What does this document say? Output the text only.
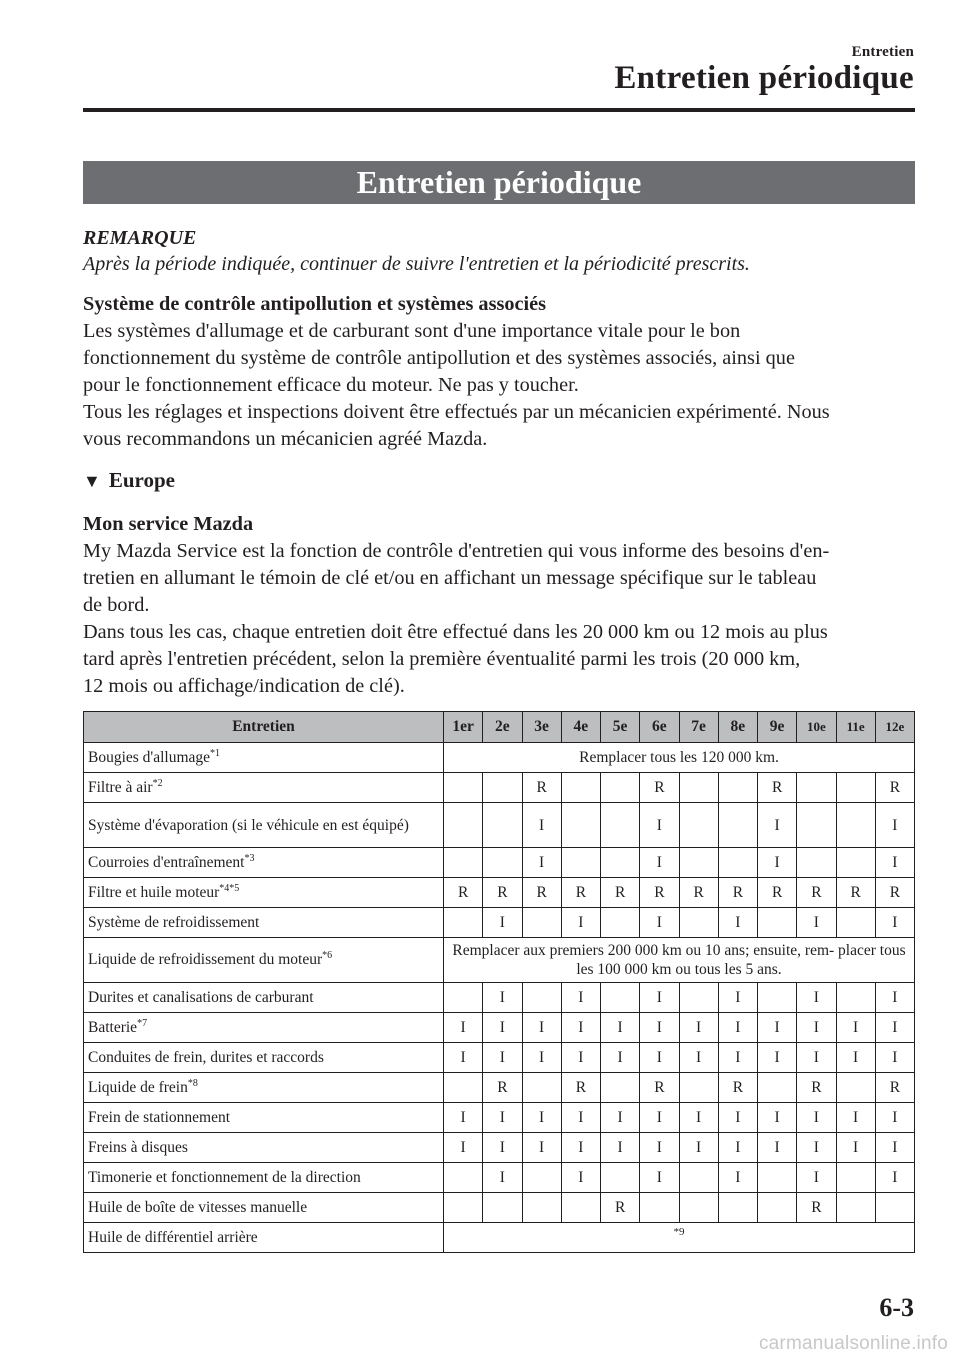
Entretien
Entretien périodique
Entretien périodique
REMARQUE
Après la période indiquée, continuer de suivre l'entretien et la périodicité prescrits.
Système de contrôle antipollution et systèmes associés
Les systèmes d'allumage et de carburant sont d'une importance vitale pour le bon
fonctionnement du système de contrôle antipollution et des systèmes associés, ainsi que
pour le fonctionnement efficace du moteur. Ne pas y toucher.
Tous les réglages et inspections doivent être effectués par un mécanicien expérimenté. Nous
vous recommandons un mécanicien agréé Mazda.
▼ Europe
Mon service Mazda
My Mazda Service est la fonction de contrôle d'entretien qui vous informe des besoins d'en-
tretien en allumant le témoin de clé et/ou en affichant un message spécifique sur le tableau
de bord.
Dans tous les cas, chaque entretien doit être effectué dans les 20 000 km ou 12 mois au plus
tard après l'entretien précédent, selon la première éventualité parmi les trois (20 000 km,
12 mois ou affichage/indication de clé).
Entretien	1er	2e	3e	4e	5e	6e	7e	8e	9e	10e	11e	12e
Bougies d'allumage$^{*1}$	Remplacer tous les 120 000 km.											
Filtre à air$^{*2}$			R			R			R			R
Système d'évaporation (si le véhicule en est équipé)			I			I			I			I
Courroies d'entraînement$^{*3}$			I			I			I			I
Filtre et huile moteur$^{*4*5}$	R	R	R	R	R	R	R	R	R	R	R	R
Système de refroidissement		I		I		I		I		I		I
Liquide de refroidissement du moteur$^{*6}$	Remplacer aux premiers 200 000 km ou 10 ans; ensuite, rem- placer tous les 100 000 km ou tous les 5 ans.											
Durites et canalisations de carburant		I		I		I		I		I		I
Batterie$^{*7}$	I	I	I	I	I	I	I	I	I	I	I	I
Conduites de frein, durites et raccords	I	I	I	I	I	I	I	I	I	I	I	I
Liquide de frein$^{*8}$		R		R		R		R		R		R
Frein de stationnement	I	I	I	I	I	I	I	I	I	I	I	I
Freins à disques	I	I	I	I	I	I	I	I	I	I	I	I
Timonerie et fonctionnement de la direction		I		I		I		I		I		I
Huile de boîte de vitesses manuelle					R					R		
Huile de différentiel arrière	*9											
6-3
carmanualsonline.info
